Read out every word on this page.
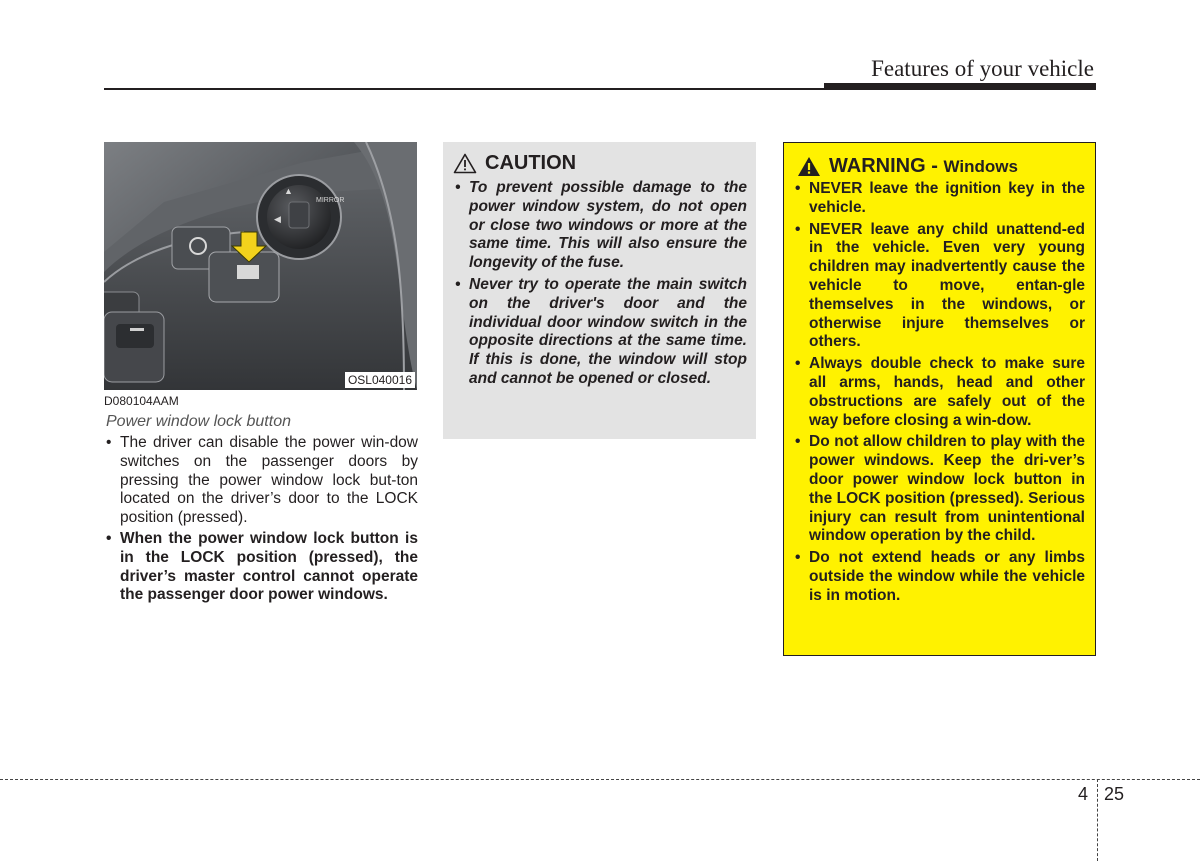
Features of your vehicle
MIRROR
▲
◀
OSL040016

D080104AAM

Power window lock button

• The driver can disable the power win-dow switches on the passenger doors by pressing the power window lock but-ton located on the driver’s door to the LOCK position (pressed).
• When the power window lock button is in the LOCK position (pressed), the driver’s master control cannot operate the passenger door power windows.
CAUTION
• To prevent possible damage to the power window system, do not open or close two windows or more at the same time. This will also ensure the longevity of the fuse.
• Never try to operate the main switch on the driver's door and the individual door window switch in the opposite directions at the same time. If this is done, the window will stop and cannot be opened or closed.
WARNING -
Windows
• NEVER leave the ignition key in the vehicle.
• NEVER leave any child unattend-ed in the vehicle. Even very young children may inadvertently cause the vehicle to move, entan-gle themselves in the windows, or otherwise injure themselves or others.
• Always double check to make sure all arms, hands, head and other obstructions are safely out of the way before closing a win-dow.
• Do not allow children to play with the power windows. Keep the dri-ver’s door power window lock button in the LOCK position (pressed). Serious injury can result from unintentional window operation by the child.
• Do not extend heads or any limbs outside the window while the vehicle is in motion.
4 25
